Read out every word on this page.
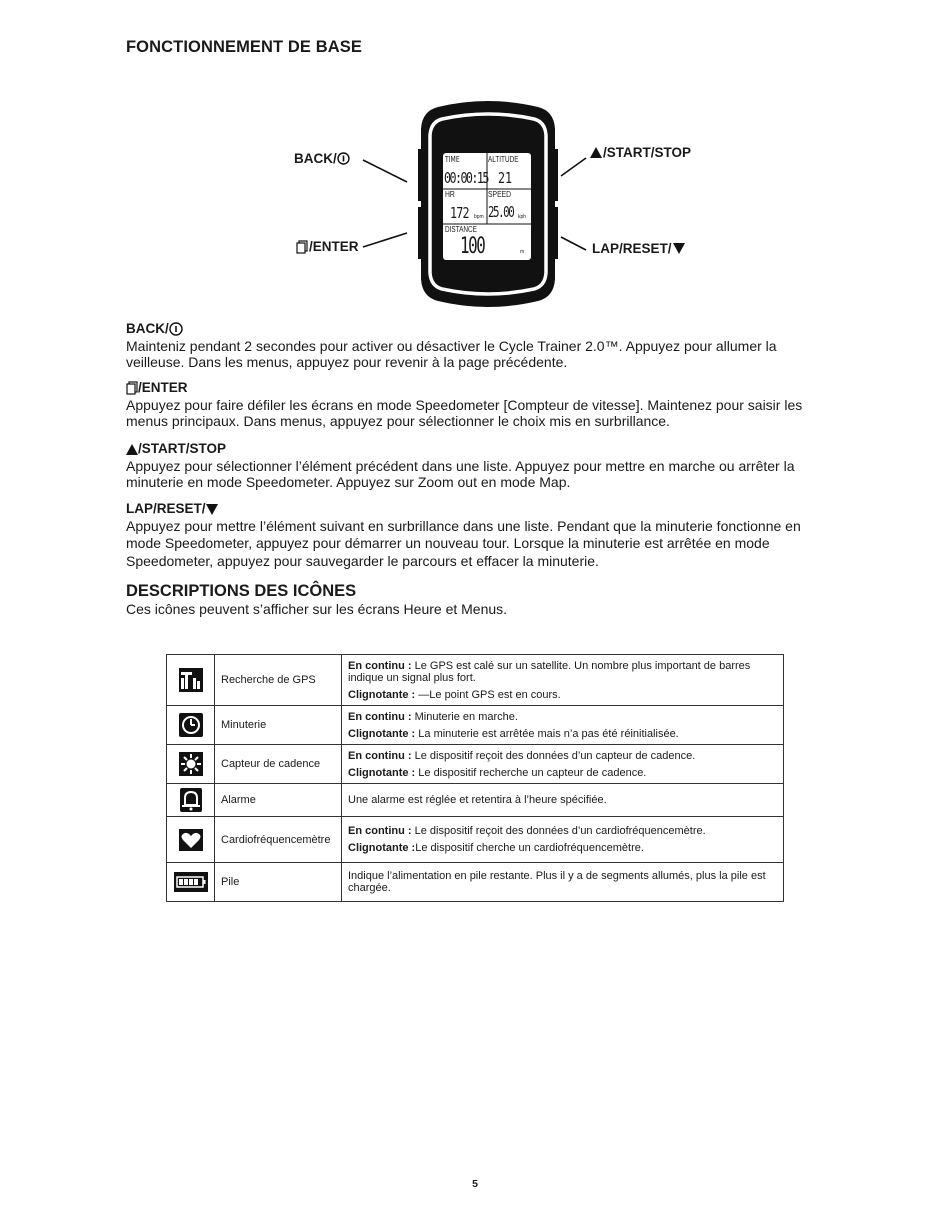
FONCTIONNEMENT DE BASE
BACK/
/ENTER
/START/STOP
LAP/RESET/
TIME
00:00:15
ALTITUDE
21
HR
172 bpm
SPEED
25.00 kph
DISTANCE
100	m
BACK/

Mainteniz pendant 2 secondes pour activer ou désactiver le Cycle Trainer 2.0™. Appuyez pour allumer la veilleuse. Dans les menus, appuyez pour revenir à la page précédente.

/ENTER

Appuyez pour faire défiler les écrans en mode Speedometer [Compteur de vitesse]. Maintenez pour saisir les menus principaux. Dans menus, appuyez pour sélectionner le choix mis en surbrillance.

/START/STOP

Appuyez pour sélectionner l’élément précédent dans une liste. Appuyez pour mettre en marche ou arrêter la minuterie en mode Speedometer. Appuyez sur Zoom out en mode Map.

LAP/RESET/

Appuyez pour mettre l’élément suivant en surbrillance dans une liste. Pendant que la minuterie fonctionne en mode Speedometer, appuyez pour démarrer un nouveau tour. Lorsque la minuterie est arrêtée en mode Speedometer, appuyez pour sauvegarder le parcours et effacer la minuterie.

DESCRIPTIONS DES ICÔNES
Ces icônes peuvent s’afficher sur les écrans Heure et Menus.
	Recherche de GPS	En continu : Le GPS est calé sur un satellite. Un nombre plus important de barres indique un signal plus fort.

Clignotante : —Le point GPS est en cours.

	Minuterie	En continu : Minuterie en marche.

Clignotante : La minuterie est arrêtée mais n’a pas été réinitialisée.

	Capteur de cadence	En continu : Le dispositif reçoit des données d’un capteur de cadence.

Clignotante : Le dispositif recherche un capteur de cadence.

	Alarme	Une alarme est réglée et retentira à l’heure spécifiée.

	Cardiofréquencemètre	En continu : Le dispositif reçoit des données d’un cardiofréquencemètre.

Clignotante :Le dispositif cherche un cardiofréquencemètre.

	Pile	Indique l’alimentation en pile restante. Plus il y a de segments allumés, plus la pile est chargée.

5
